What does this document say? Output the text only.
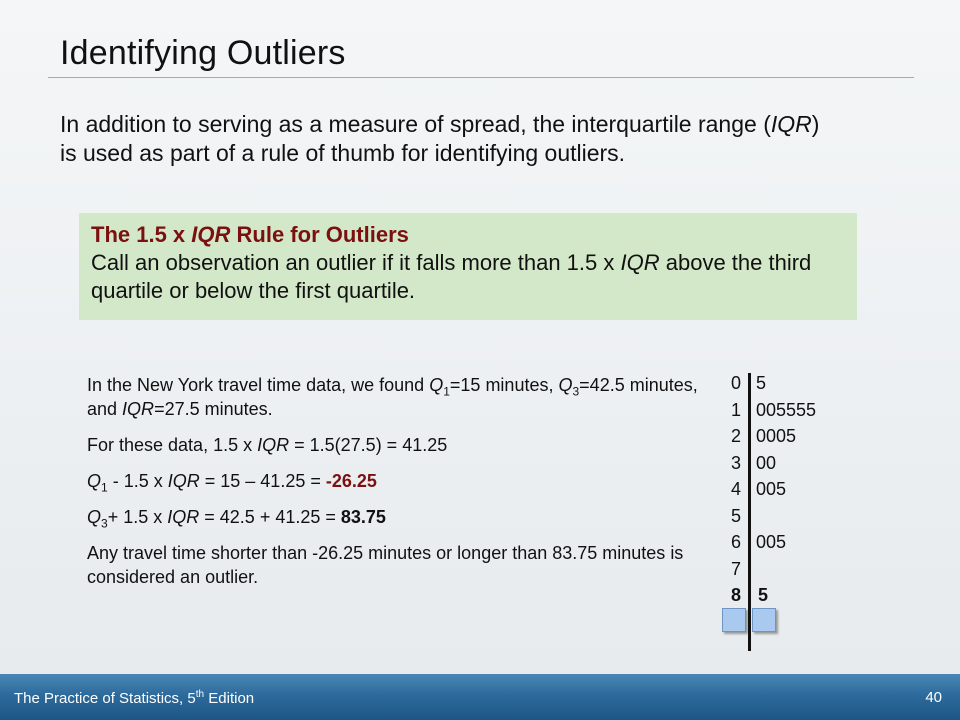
Identifying Outliers

In addition to serving as a measure of spread, the interquartile range (IQR) is used as part of a rule of thumb for identifying outliers.

The 1.5 x IQR Rule for Outliers
Call an observation an outlier if it falls more than 1.5 x IQR above the third quartile or below the first quartile.

In the New York travel time data, we found $Q_1=15$ minutes, $Q_3=42.5$ minutes, and IQR=27.5 minutes.

For these data, 1.5 x IQR = 1.5(27.5) = 41.25

$Q_1 - 1.5$ x IQR = 15 – 41.25 = -26.25

$Q_3+ 1.5$ x IQR = 42.5 + 41.25 = 83.75

Any travel time shorter than -26.25 minutes or longer than 83.75 minutes is considered an outlier.

0 5
1 005555
2 0005
3 00
4 005
5
6 005
7
8 5
The Practice of Statistics, 5th Edition	40
